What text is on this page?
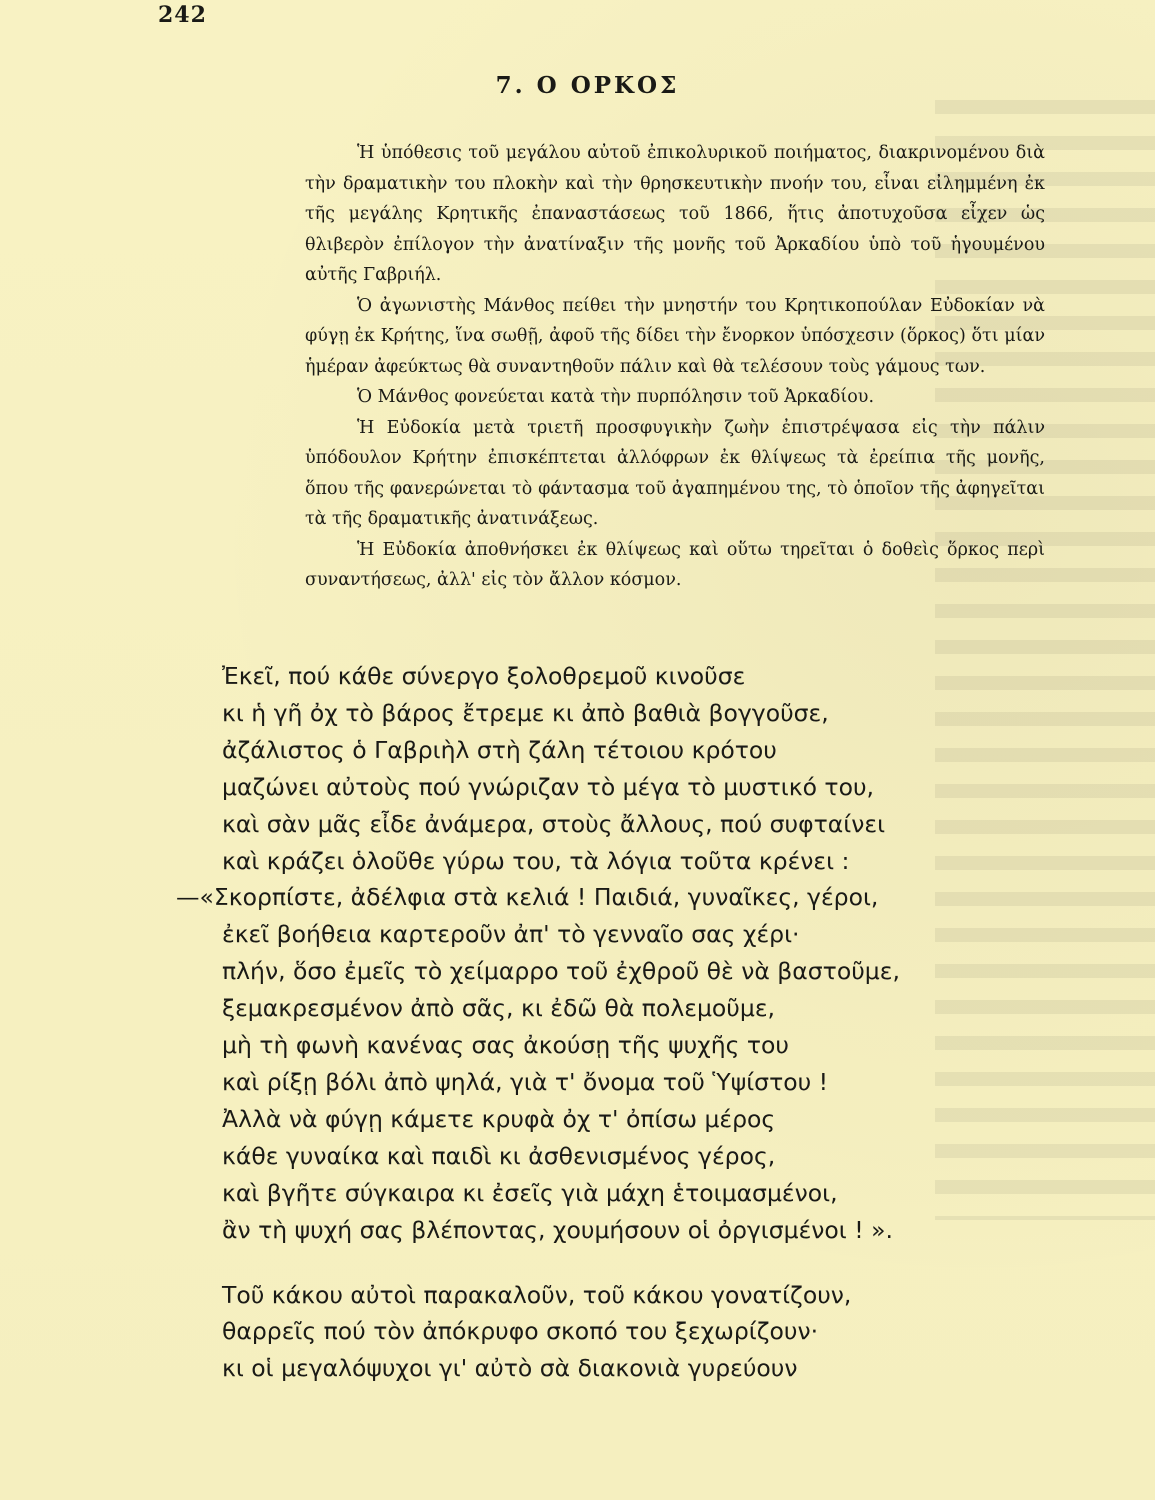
242
7. Ο ΟΡΚΟΣ

Ἡ ὑπόθεσις τοῦ μεγάλου αὐτοῦ ἐπικολυρικοῦ ποιήματος, διακρινομένου διὰ τὴν δραματικὴν του πλοκὴν καὶ τὴν θρησκευτικὴν πνοήν του, εἶναι εἰλημμένη ἐκ τῆς μεγάλης Κρητικῆς ἐπαναστάσεως τοῦ 1866, ἥτις ἀποτυχοῦσα εἶχεν ὡς θλιβερὸν ἐπίλογον τὴν ἀνατίναξιν τῆς μονῆς τοῦ Ἀρκαδίου ὑπὸ τοῦ ἡγουμένου αὐτῆς Γαβριήλ.

Ὁ ἀγωνιστὴς Μάνθος πείθει τὴν μνηστήν του Κρητικοπούλαν Εὐδοκίαν νὰ φύγῃ ἐκ Κρήτης, ἵνα σωθῇ, ἀφοῦ τῆς δίδει τὴν ἔνορκον ὑπόσχεσιν (ὅρκος) ὅτι μίαν ἡμέραν ἀφεύκτως θὰ συναντηθοῦν πάλιν καὶ θὰ τελέσουν τοὺς γάμους των.

Ὁ Μάνθος φονεύεται κατὰ τὴν πυρπόλησιν τοῦ Ἀρκαδίου.

Ἡ Εὐδοκία μετὰ τριετῆ προσφυγικὴν ζωὴν ἐπιστρέψασα εἰς τὴν πάλιν ὑπόδουλον Κρήτην ἐπισκέπτεται ἀλλόφρων ἐκ θλίψεως τὰ ἐρείπια τῆς μονῆς, ὅπου τῆς φανερώνεται τὸ φάντασμα τοῦ ἀγαπημένου της, τὸ ὁποῖον τῆς ἀφηγεῖται τὰ τῆς δραματικῆς ἀνατινάξεως.

Ἡ Εὐδοκία ἀποθνήσκει ἐκ θλίψεως καὶ οὕτω τηρεῖται ὁ δοθεὶς ὅρκος περὶ συναντήσεως, ἀλλ' εἰς τὸν ἄλλον κόσμον.

Ἐκεῖ, πού κάθε σύνεργο ξολοθρεμοῦ κινοῦσε
κι ἡ γῆ ὀχ τὸ βάρος ἔτρεμε κι ἀπὸ βαθιὰ βογγοῦσε,
ἀζάλιστος ὁ Γαβριὴλ στὴ ζάλη τέτοιου κρότου
μαζώνει αὐτοὺς πού γνώριζαν τὸ μέγα τὸ μυστικό του,
καὶ σὰν μᾶς εἶδε ἀνάμερα, στοὺς ἄλλους, πού συφταίνει
καὶ κράζει ὁλοῦθε γύρω του, τὰ λόγια τοῦτα κρένει :
—«Σκορπίστε, ἀδέλφια στὰ κελιά ! Παιδιά, γυναῖκες, γέροι,
ἐκεῖ βοήθεια καρτεροῦν ἀπ' τὸ γενναῖο σας χέρι·
πλήν, ὅσο ἐμεῖς τὸ χείμαρρο τοῦ ἐχθροῦ θὲ νὰ βαστοῦμε,
ξεμακρεσμένον ἀπὸ σᾶς, κι ἐδῶ θὰ πολεμοῦμε,
μὴ τὴ φωνὴ κανένας σας ἀκούσῃ τῆς ψυχῆς του
καὶ ρίξῃ βόλι ἀπὸ ψηλά, γιὰ τ' ὄνομα τοῦ Ὑψίστου !
Ἀλλὰ νὰ φύγῃ κάμετε κρυφὰ ὀχ τ' ὀπίσω μέρος
κάθε γυναίκα καὶ παιδὶ κι ἀσθενισμένος γέρος,
καὶ βγῆτε σύγκαιρα κι ἐσεῖς γιὰ μάχη ἑτοιμασμένοι,
ἂν τὴ ψυχή σας βλέποντας, χουμήσουν οἱ ὀργισμένοι ! ».
Τοῦ κάκου αὐτοὶ παρακαλοῦν, τοῦ κάκου γονατίζουν,
θαρρεῖς πού τὸν ἀπόκρυφο σκοπό του ξεχωρίζουν·
κι οἱ μεγαλόψυχοι γι' αὐτὸ σὰ διακονιὰ γυρεύουν
